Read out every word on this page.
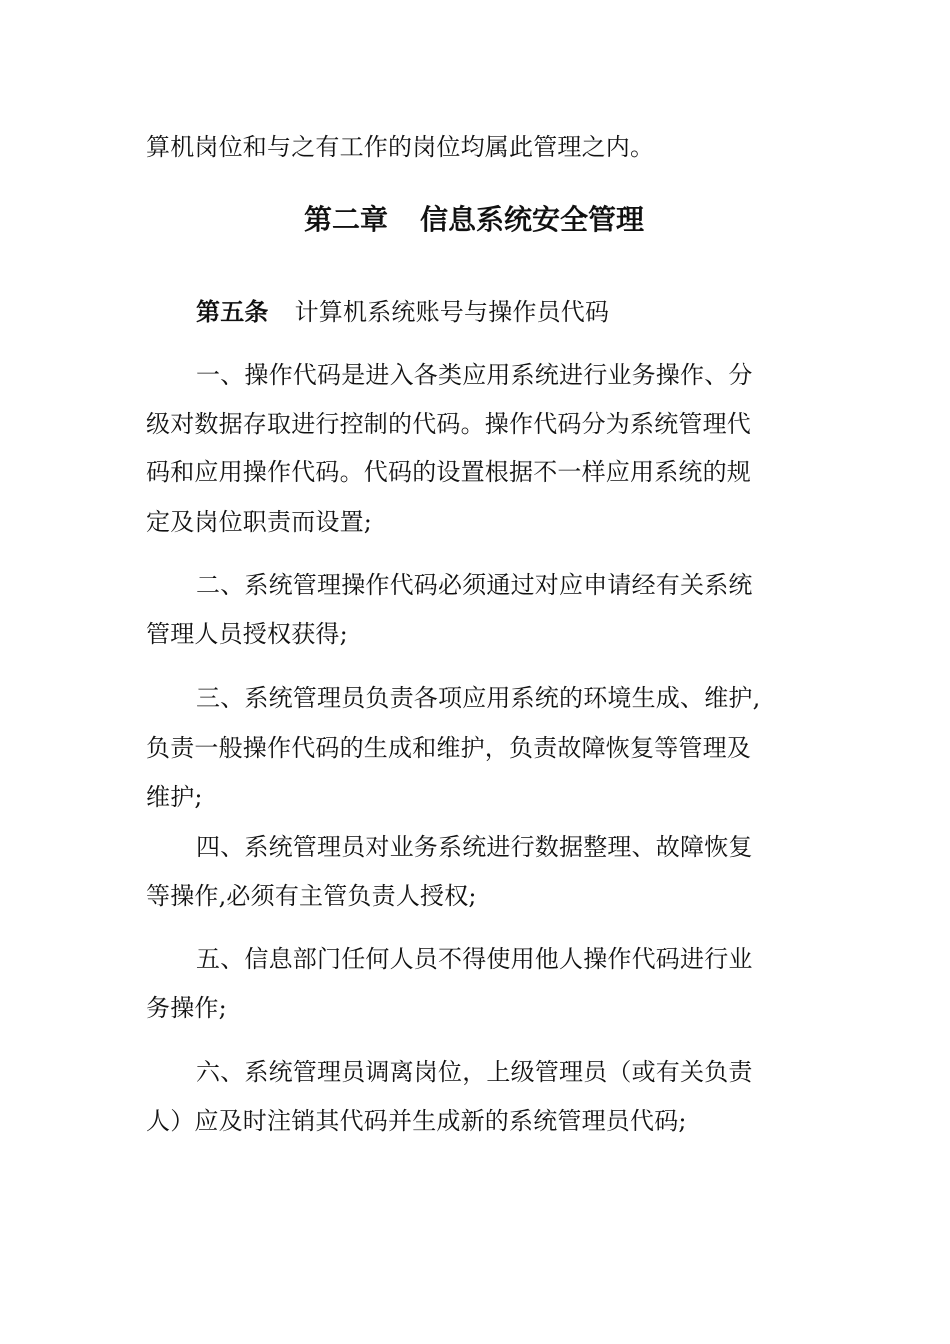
算机岗位和与之有工作的岗位均属此管理之内。
第二章 信息系统安全管理
第五条 计算机系统账号与操作员代码
一、操作代码是进入各类应用系统进行业务操作、分
级对数据存取进行控制的代码。操作代码分为系统管理代
码和应用操作代码。代码的设置根据不一样应用系统的规
定及岗位职责而设置;
二、系统管理操作代码必须通过对应申请经有关系统
管理人员授权获得;
三、系统管理员负责各项应用系统的环境生成、维护,
负责一般操作代码的生成和维护，负责故障恢复等管理及
维护;
四、系统管理员对业务系统进行数据整理、故障恢复
等操作,必须有主管负责人授权;
五、信息部门任何人员不得使用他人操作代码进行业
务操作;
六、系统管理员调离岗位，上级管理员（或有关负责
人）应及时注销其代码并生成新的系统管理员代码;
